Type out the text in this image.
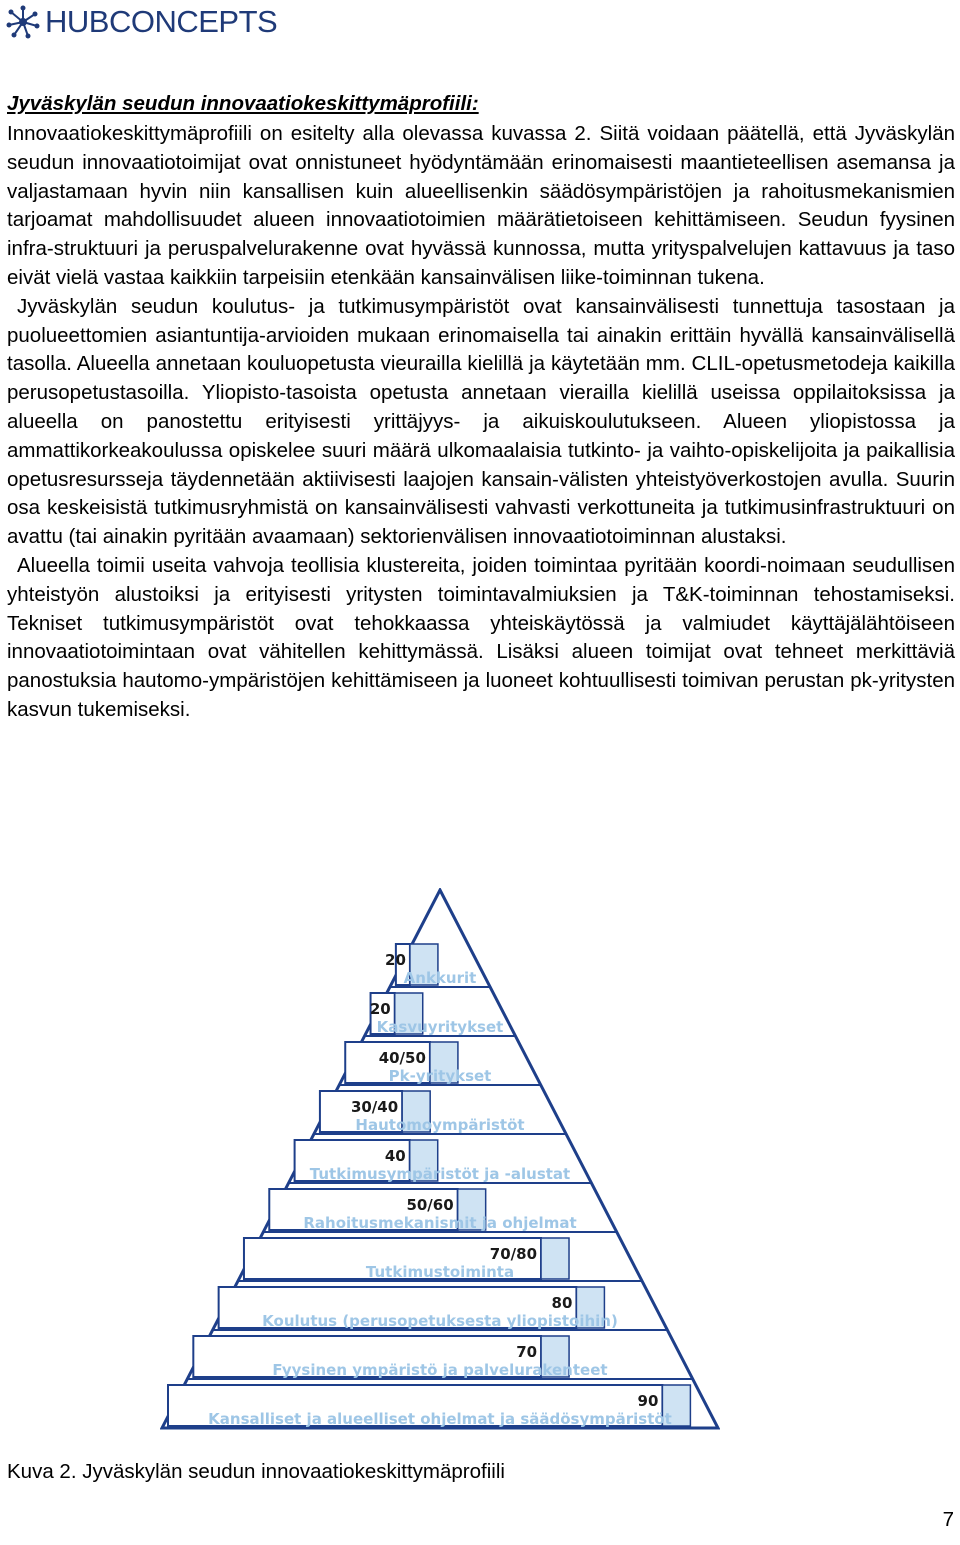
HUBCONCEPTS
Jyväskylän seudun innovaatiokeskittymäprofiili:

Innovaatiokeskittymäprofiili on esitelty alla olevassa kuvassa 2. Siitä voidaan päätellä, että Jyväskylän seudun innovaatiotoimijat ovat onnistuneet hyödyntämään erinomaisesti maantieteellisen asemansa ja valjastamaan hyvin niin kansallisen kuin alueellisenkin säädösympäristöjen ja rahoitusmekanismien tarjoamat mahdollisuudet alueen innovaatiotoimien määrätietoiseen kehittämiseen. Seudun fyysinen infra-struktuuri ja peruspalvelurakenne ovat hyvässä kunnossa, mutta yrityspalvelujen kattavuus ja taso eivät vielä vastaa kaikkiin tarpeisiin etenkään kansainvälisen liike-toiminnan tukena.

Jyväskylän seudun koulutus- ja tutkimusympäristöt ovat kansainvälisesti tunnettuja tasostaan ja puolueettomien asiantuntija-arvioiden mukaan erinomaisella tai ainakin erittäin hyvällä kansainvälisellä tasolla. Alueella annetaan kouluopetusta vieurailla kielillä ja käytetään mm. CLIL-opetusmetodeja kaikilla perusopetustasoilla. Yliopisto-tasoista opetusta annetaan vierailla kielillä useissa oppilaitoksissa ja alueella on panostettu erityisesti yrittäjyys- ja aikuiskoulutukseen. Alueen yliopistossa ja ammattikorkeakoulussa opiskelee suuri määrä ulkomaalaisia tutkinto- ja vaihto-opiskelijoita ja paikallisia opetusresursseja täydennetään aktiivisesti laajojen kansain-välisten yhteistyöverkostojen avulla. Suurin osa keskeisistä tutkimusryhmistä on kansainvälisesti vahvasti verkottuneita ja tutkimusinfrastruktuuri on avattu (tai ainakin pyritään avaamaan) sektorienvälisen innovaatiotoiminnan alustaksi.

Alueella toimii useita vahvoja teollisia klustereita, joiden toimintaa pyritään koordi-noimaan seudullisen yhteistyön alustoiksi ja erityisesti yritysten toimintavalmiuksien ja T&K-toiminnan tehostamiseksi. Tekniset tutkimusympäristöt ovat tehokkaassa yhteiskäytössä ja valmiudet käyttäjälähtöiseen innovaatiotoimintaan ovat vähitellen kehittymässä. Lisäksi alueen toimijat ovat tehneet merkittäviä panostuksia hautomo-ympäristöjen kehittämiseen ja luoneet kohtuullisesti toimivan perustan pk-yritysten kasvun tukemiseksi.

Ankkurit
20
Kasvuyritykset
20
Pk-yritykset
40/50
Hautomoympäristöt
30/40
Tutkimusympäristöt ja -alustat
40
Rahoitusmekanismit ja ohjelmat
50/60
Tutkimustoiminta
70/80
Koulutus (perusopetuksesta yliopistoihin)
80
Fyysinen ympäristö ja palvelurakenteet
70
Kansalliset ja alueelliset ohjelmat ja säädösympäristöt
90

Kuva 2. Jyväskylän seudun innovaatiokeskittymäprofiili

7
